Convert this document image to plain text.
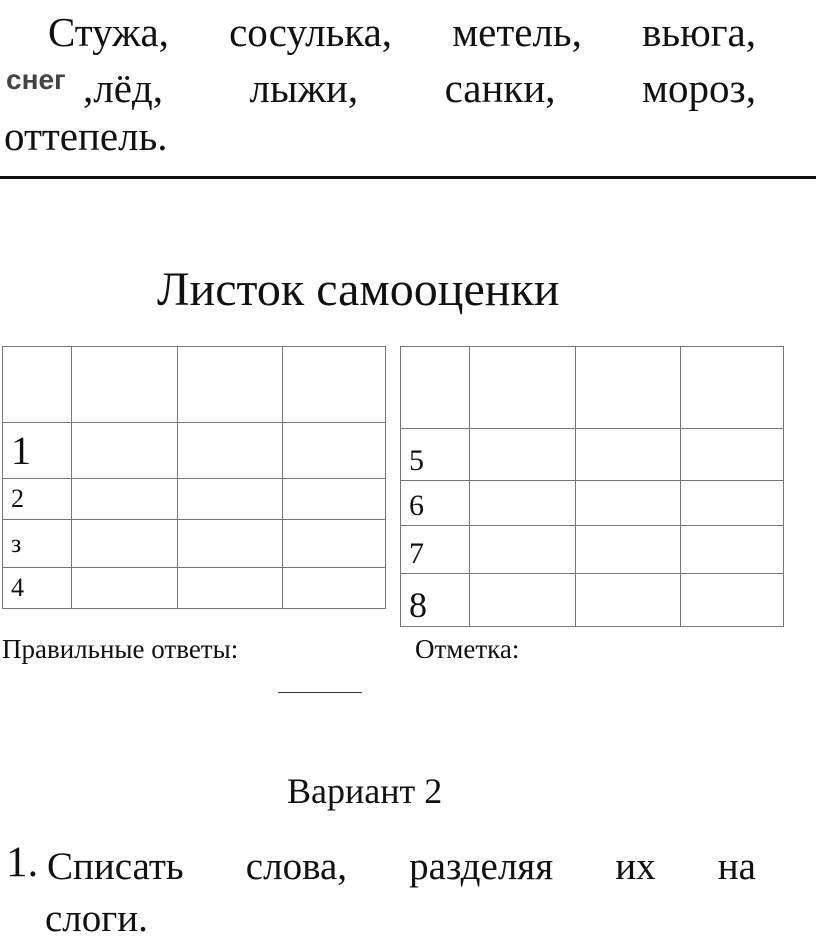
Стужа, сосулька, метель, вьюга,
снег ,лёд, лыжи, санки, мороз,
оттепель.
Листок самооценки

1			
2			
з			
4			

5			
6			
7			
8			
Правильные ответы:	Отметка:
Вариант 2
1. Списать слова, разделяя их на
слоги.
